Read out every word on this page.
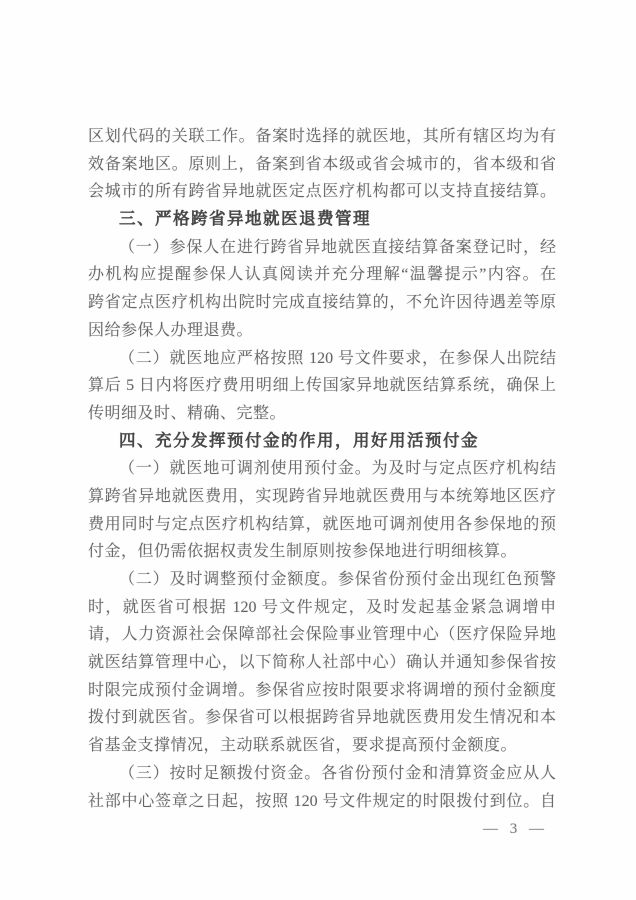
区划代码的关联工作。备案时选择的就医地，其所有辖区均为有
效备案地区。原则上，备案到省本级或省会城市的，省本级和省
会城市的所有跨省异地就医定点医疗机构都可以支持直接结算。
三、严格跨省异地就医退费管理
（一）参保人在进行跨省异地就医直接结算备案登记时，经
办机构应提醒参保人认真阅读并充分理解“温馨提示”内容。在
跨省定点医疗机构出院时完成直接结算的，不允许因待遇差等原
因给参保人办理退费。
（二）就医地应严格按照 120 号文件要求，在参保人出院结
算后 5 日内将医疗费用明细上传国家异地就医结算系统，确保上
传明细及时、精确、完整。
四、充分发挥预付金的作用，用好用活预付金
（一）就医地可调剂使用预付金。为及时与定点医疗机构结
算跨省异地就医费用，实现跨省异地就医费用与本统筹地区医疗
费用同时与定点医疗机构结算，就医地可调剂使用各参保地的预
付金，但仍需依据权责发生制原则按参保地进行明细核算。
（二）及时调整预付金额度。参保省份预付金出现红色预警
时，就医省可根据 120 号文件规定，及时发起基金紧急调增申
请，人力资源社会保障部社会保险事业管理中心（医疗保险异地
就医结算管理中心，以下简称人社部中心）确认并通知参保省按
时限完成预付金调增。参保省应按时限要求将调增的预付金额度
拨付到就医省。参保省可以根据跨省异地就医费用发生情况和本
省基金支撑情况，主动联系就医省，要求提高预付金额度。
（三）按时足额拨付资金。各省份预付金和清算资金应从人
社部中心签章之日起，按照 120 号文件规定的时限拨付到位。自
— 3 —
